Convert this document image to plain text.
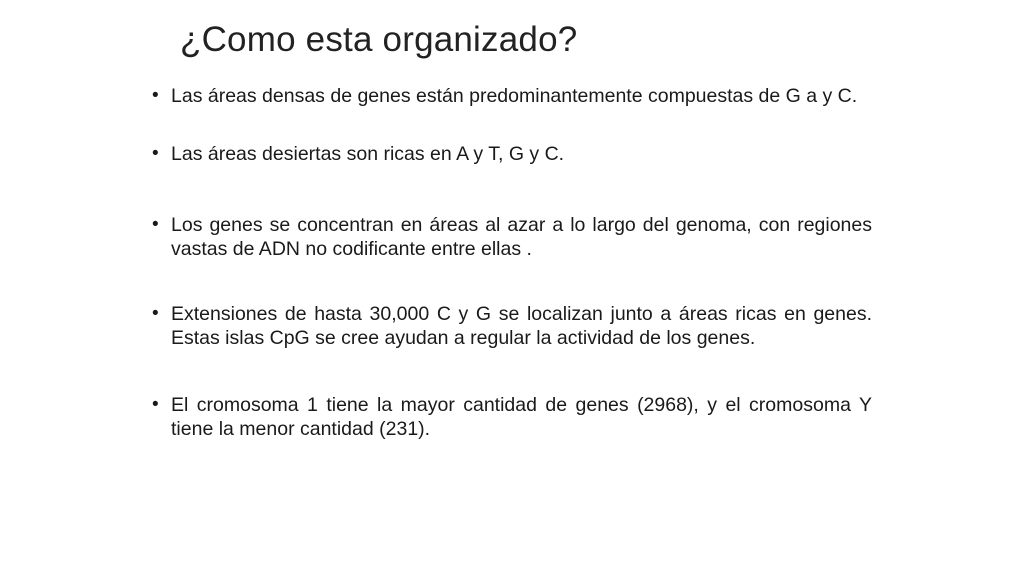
¿Como esta organizado?
• Las áreas densas de genes están predominantemente compuestas de G a y C.
• Las áreas desiertas son ricas en A y T, G y C.
• Los genes se concentran en áreas al azar a lo largo del genoma, con regiones vastas de ADN no codificante entre ellas .
• Extensiones de hasta 30,000 C y G se localizan junto a áreas ricas en genes. Estas islas CpG se cree ayudan a regular la actividad de los genes.
• El cromosoma 1 tiene la mayor cantidad de genes (2968), y el cromosoma Y tiene la menor cantidad (231).
